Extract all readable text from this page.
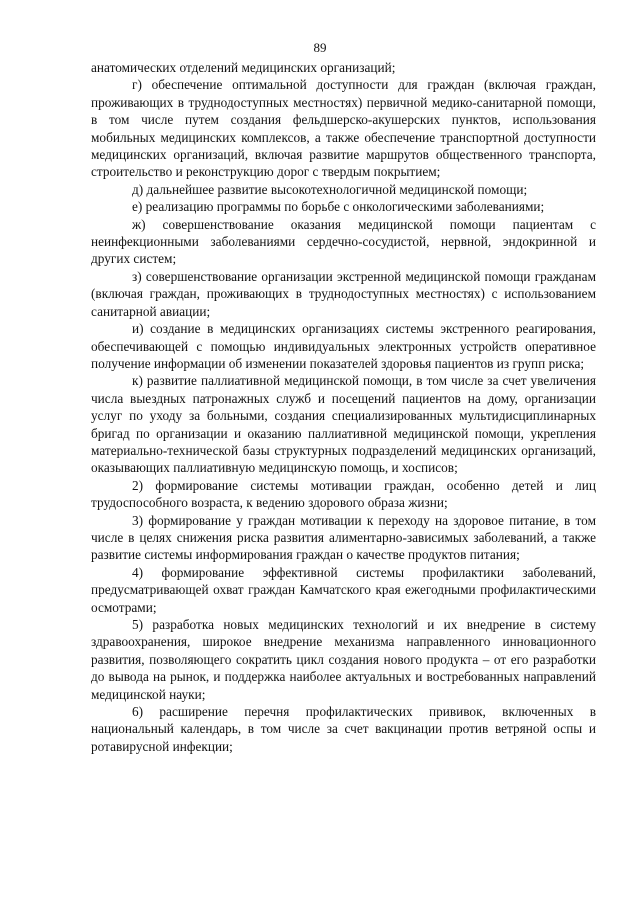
89

анатомических отделений медицинских организаций;

г) обеспечение оптимальной доступности для граждан (включая граждан, проживающих в труднодоступных местностях) первичной медико-санитарной помощи, в том числе путем создания фельдшерско-акушерских пунктов, использования мобильных медицинских комплексов, а также обеспечение транспортной доступности медицинских организаций, включая развитие маршрутов общественного транспорта, строительство и реконструкцию дорог с твердым покрытием;

д) дальнейшее развитие высокотехнологичной медицинской помощи;

е) реализацию программы по борьбе с онкологическими заболеваниями;

ж) совершенствование оказания медицинской помощи пациентам с неинфекционными заболеваниями сердечно-сосудистой, нервной, эндокринной и других систем;

з) совершенствование организации экстренной медицинской помощи гражданам (включая граждан, проживающих в труднодоступных местностях) с использованием санитарной авиации;

и) создание в медицинских организациях системы экстренного реагирования, обеспечивающей с помощью индивидуальных электронных устройств оперативное получение информации об изменении показателей здоровья пациентов из групп риска;

к) развитие паллиативной медицинской помощи, в том числе за счет увеличения числа выездных патронажных служб и посещений пациентов на дому, организации услуг по уходу за больными, создания специализированных мультидисциплинарных бригад по организации и оказанию паллиативной медицинской помощи, укрепления материально-технической базы структурных подразделений медицинских организаций, оказывающих паллиативную медицинскую помощь, и хосписов;

2) формирование системы мотивации граждан, особенно детей и лиц трудоспособного возраста, к ведению здорового образа жизни;

3) формирование у граждан мотивации к переходу на здоровое питание, в том числе в целях снижения риска развития алиментарно-зависимых заболеваний, а также развитие системы информирования граждан о качестве продуктов питания;

4) формирование эффективной системы профилактики заболеваний, предусматривающей охват граждан Камчатского края ежегодными профилактическими осмотрами;

5) разработка новых медицинских технологий и их внедрение в систему здравоохранения, широкое внедрение механизма направленного инновационного развития, позволяющего сократить цикл создания нового продукта – от его разработки до вывода на рынок, и поддержка наиболее актуальных и востребованных направлений медицинской науки;

6) расширение перечня профилактических прививок, включенных в национальный календарь, в том числе за счет вакцинации против ветряной оспы и ротавирусной инфекции;
